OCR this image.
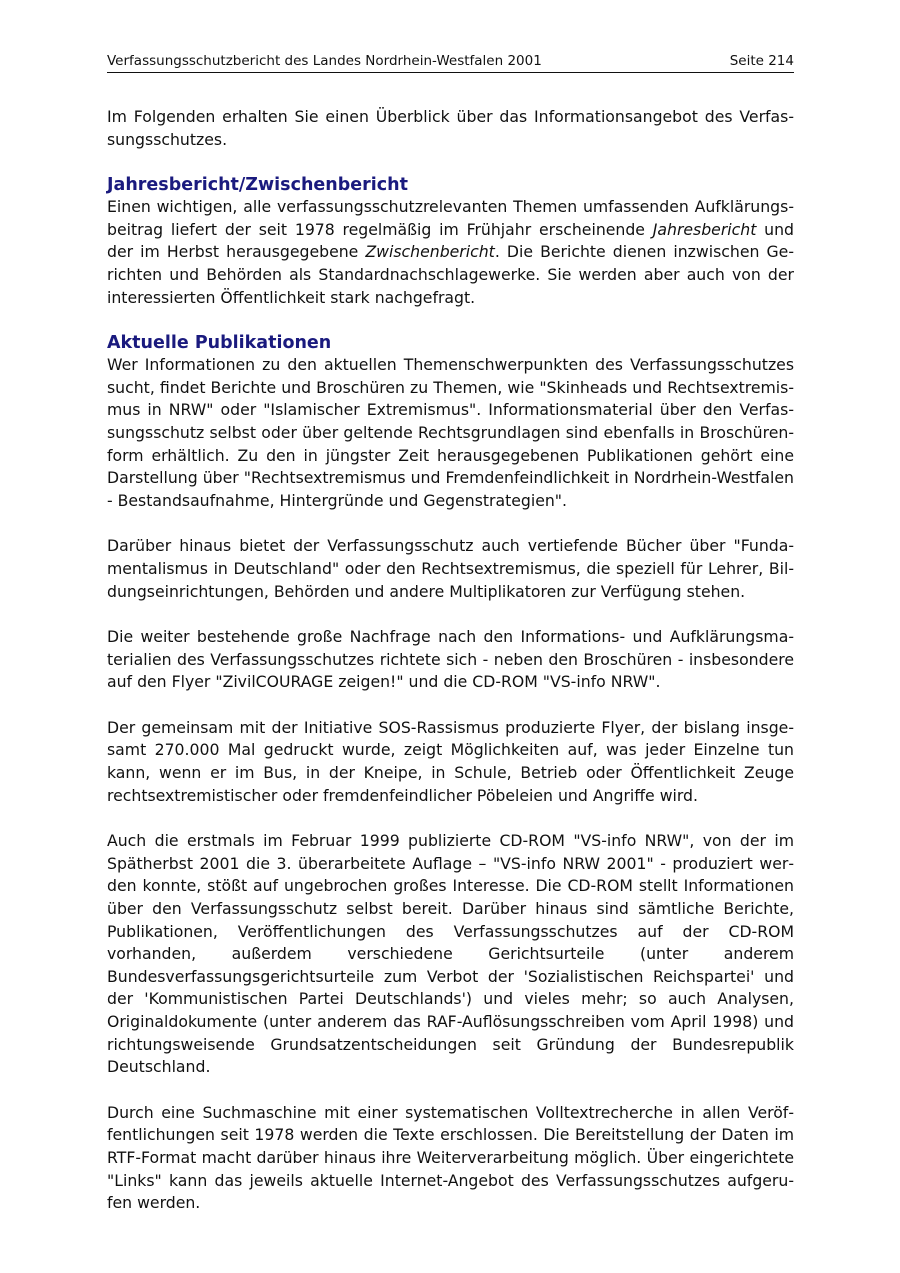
Verfassungsschutzbericht des Landes Nordrhein-Westfalen 2001	Seite 214

Im Folgenden erhalten Sie einen Überblick über das Informationsangebot des Verfassungsschutzes.

Jahresbericht/Zwischenbericht

Einen wichtigen, alle verfassungsschutzrelevanten Themen umfassenden Aufklärungsbeitrag liefert der seit 1978 regelmäßig im Frühjahr erscheinende Jahresbericht und der im Herbst herausgegebene Zwischenbericht. Die Berichte dienen inzwischen Gerichten und Behörden als Standardnachschlagewerke. Sie werden aber auch von der interessierten Öffentlichkeit stark nachgefragt.

Aktuelle Publikationen

Wer Informationen zu den aktuellen Themenschwerpunkten des Verfassungsschutzes sucht, findet Berichte und Broschüren zu Themen, wie "Skinheads und Rechtsextremismus in NRW" oder "Islamischer Extremismus". Informationsmaterial über den Verfassungsschutz selbst oder über geltende Rechtsgrundlagen sind ebenfalls in Broschürenform erhältlich. Zu den in jüngster Zeit herausgegebenen Publikationen gehört eine Darstellung über "Rechtsextremismus und Fremdenfeindlichkeit in Nordrhein-Westfalen - Bestandsaufnahme, Hintergründe und Gegenstrategien".

Darüber hinaus bietet der Verfassungsschutz auch vertiefende Bücher über "Fundamentalismus in Deutschland" oder den Rechtsextremismus, die speziell für Lehrer, Bildungseinrichtungen, Behörden und andere Multiplikatoren zur Verfügung stehen.

Die weiter bestehende große Nachfrage nach den Informations- und Aufklärungsmaterialien des Verfassungsschutzes richtete sich - neben den Broschüren - insbesondere auf den Flyer "ZivilCOURAGE zeigen!" und die CD-ROM "VS-info NRW".

Der gemeinsam mit der Initiative SOS-Rassismus produzierte Flyer, der bislang insgesamt 270.000 Mal gedruckt wurde, zeigt Möglichkeiten auf, was jeder Einzelne tun kann, wenn er im Bus, in der Kneipe, in Schule, Betrieb oder Öffentlichkeit Zeuge rechtsextremistischer oder fremdenfeindlicher Pöbeleien und Angriffe wird.

Auch die erstmals im Februar 1999 publizierte CD-ROM "VS-info NRW", von der im Spätherbst 2001 die 3. überarbeitete Auflage – "VS-info NRW 2001" - produziert werden konnte, stößt auf ungebrochen großes Interesse. Die CD-ROM stellt Informationen über den Verfassungsschutz selbst bereit. Darüber hinaus sind sämtliche Berichte, Publikationen, Veröffentlichungen des Verfassungsschutzes auf der CD-ROM vorhanden, außerdem verschiedene Gerichtsurteile (unter anderem Bundesverfassungsgerichtsurteile zum Verbot der 'Sozialistischen Reichspartei' und der 'Kommunistischen Partei Deutschlands') und vieles mehr; so auch Analysen, Originaldokumente (unter anderem das RAF-Auflösungsschreiben vom April 1998) und richtungsweisende Grundsatzentscheidungen seit Gründung der Bundesrepublik Deutschland.

Durch eine Suchmaschine mit einer systematischen Volltextrecherche in allen Veröffentlichungen seit 1978 werden die Texte erschlossen. Die Bereitstellung der Daten im RTF-Format macht darüber hinaus ihre Weiterverarbeitung möglich. Über eingerichtete "Links" kann das jeweils aktuelle Internet-Angebot des Verfassungsschutzes aufgerufen werden.
